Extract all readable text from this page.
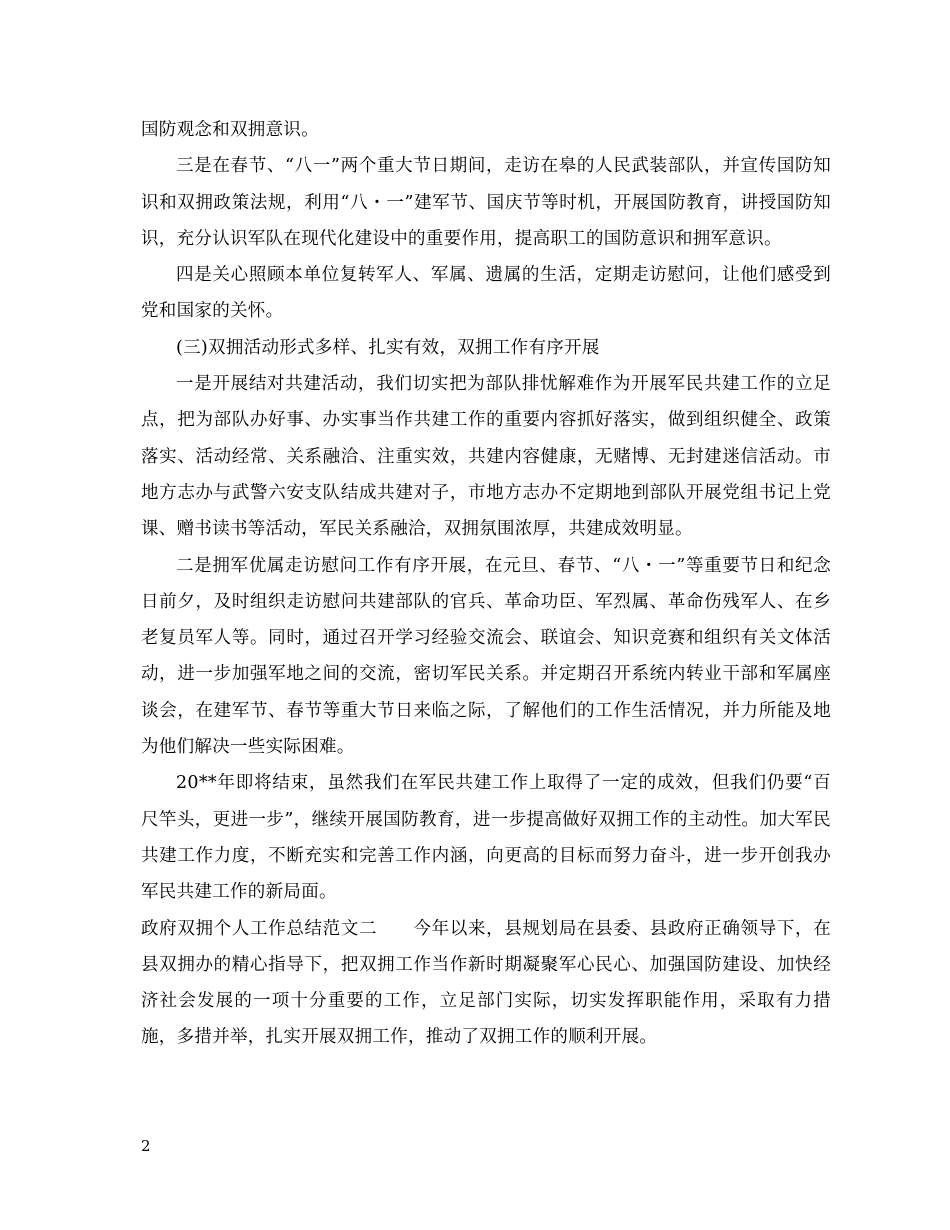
国防观念和双拥意识。

三是在春节、“八一”两个重大节日期间，走访在皋的人民武装部队，并宣传国防知识和双拥政策法规，利用“八・一”建军节、国庆节等时机，开展国防教育，讲授国防知识，充分认识军队在现代化建设中的重要作用，提高职工的国防意识和拥军意识。

四是关心照顾本单位复转军人、军属、遗属的生活，定期走访慰问，让他们感受到党和国家的关怀。

(三)双拥活动形式多样、扎实有效，双拥工作有序开展

一是开展结对共建活动，我们切实把为部队排忧解难作为开展军民共建工作的立足点，把为部队办好事、办实事当作共建工作的重要内容抓好落实，做到组织健全、政策落实、活动经常、关系融洽、注重实效，共建内容健康，无赌博、无封建迷信活动。市地方志办与武警六安支队结成共建对子，市地方志办不定期地到部队开展党组书记上党课、赠书读书等活动，军民关系融洽，双拥氛围浓厚，共建成效明显。

二是拥军优属走访慰问工作有序开展，在元旦、春节、“八・一”等重要节日和纪念日前夕，及时组织走访慰问共建部队的官兵、革命功臣、军烈属、革命伤残军人、在乡老复员军人等。同时，通过召开学习经验交流会、联谊会、知识竞赛和组织有关文体活动，进一步加强军地之间的交流，密切军民关系。并定期召开系统内转业干部和军属座谈会，在建军节、春节等重大节日来临之际，了解他们的工作生活情况，并力所能及地为他们解决一些实际困难。

20**年即将结束，虽然我们在军民共建工作上取得了一定的成效，但我们仍要“百尺竿头，更进一步”，继续开展国防教育，进一步提高做好双拥工作的主动性。加大军民共建工作力度，不断充实和完善工作内涵，向更高的目标而努力奋斗，进一步开创我办军民共建工作的新局面。

政府双拥个人工作总结范文二　　今年以来，县规划局在县委、县政府正确领导下，在县双拥办的精心指导下，把双拥工作当作新时期凝聚军心民心、加强国防建设、加快经济社会发展的一项十分重要的工作，立足部门实际，切实发挥职能作用，采取有力措施，多措并举，扎实开展双拥工作，推动了双拥工作的顺利开展。

2
